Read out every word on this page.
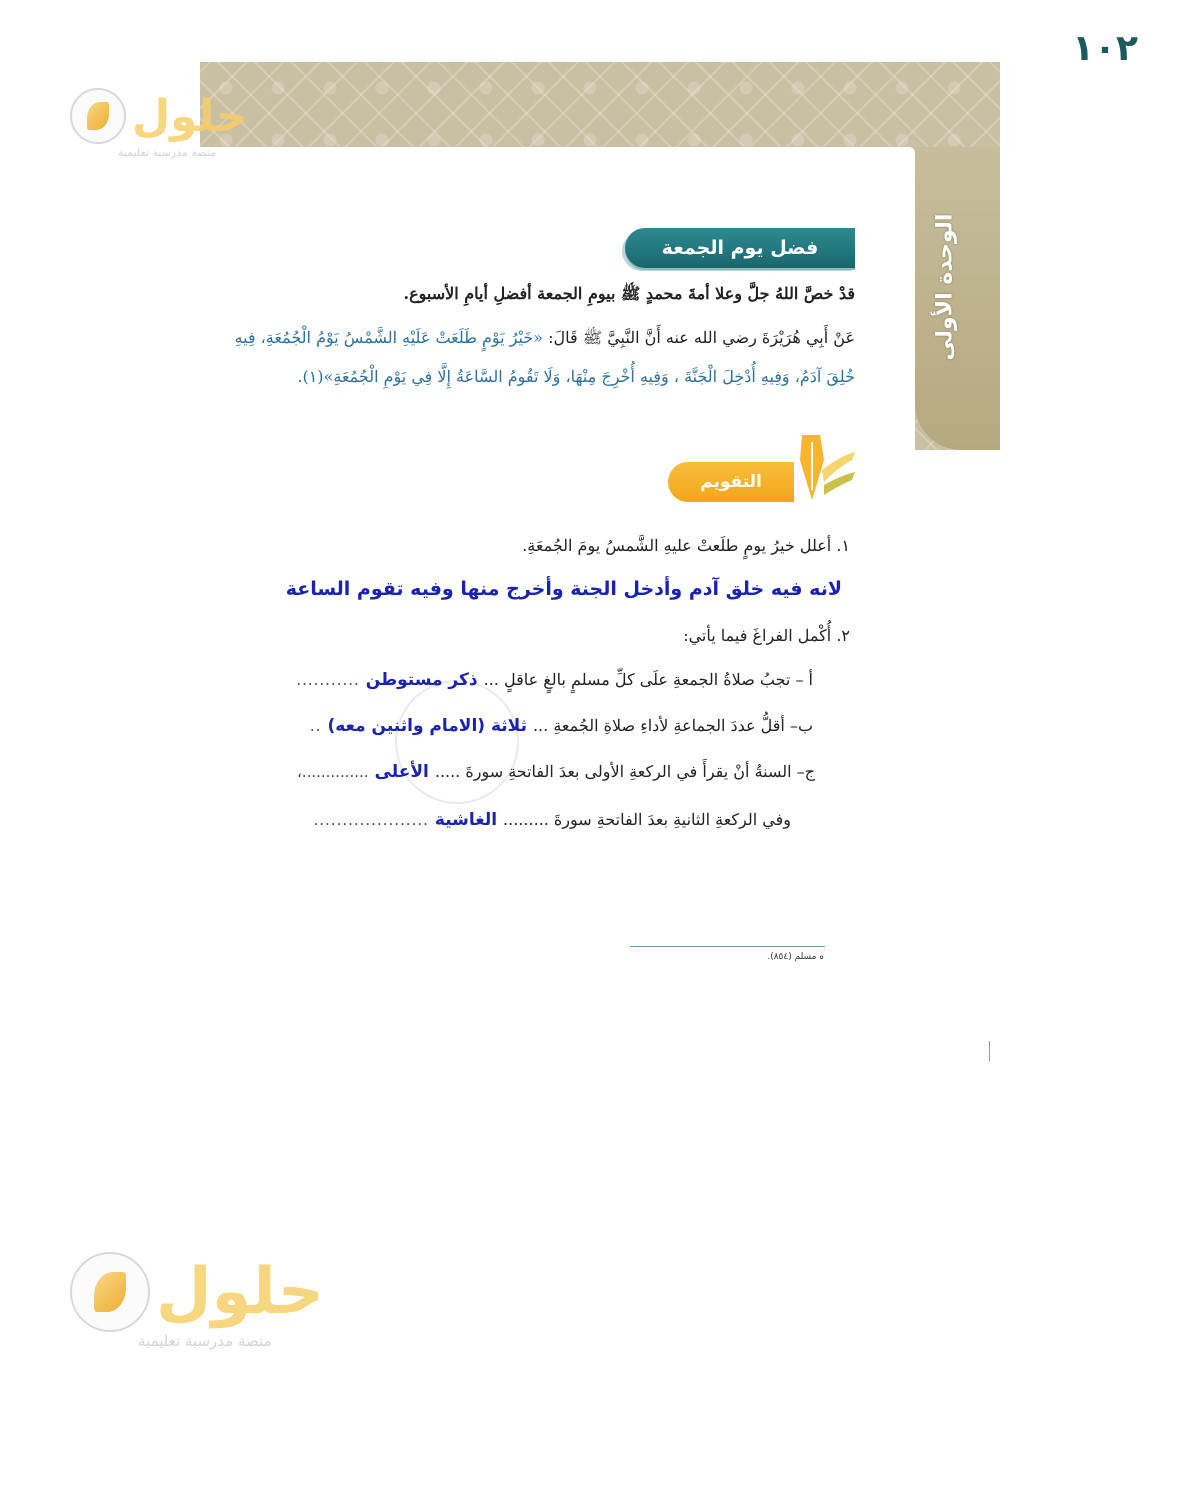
الوحدة الأولى
١٠٢
حلول
منصة مدرسية تعليمية
حلول
منصة مدرسية تعليمية
فضل يوم الجمعة
قدْ خصَّ اللهُ جلَّ وعلا أمةَ محمدٍ ﷺ بيومِ الجمعة أفضلِ أيامِ الأسبوع.
عَنْ أَبِي هُرَيْرَةَ رضي الله عنه أَنَّ النَّبِيَّ ﷺ قَالَ: «خَيْرُ يَوْمٍ طَلَعَتْ عَلَيْهِ الشَّمْسُ يَوْمُ الْجُمُعَةِ، فِيهِ
خُلِقَ آدَمُ، وَفِيهِ أُدْخِلَ الْجَنَّةَ ، وَفِيهِ أُخْرِجَ مِنْهَا، وَلَا تَقُومُ السَّاعَةُ إِلَّا فِي يَوْمِ الْجُمُعَةِ»(١).
التقويم
١. أعلل خيرُ يومٍ طلَعتْ عليهِ الشَّمسُ يومَ الجُمعَةِ.
لانه فيه خلق آدم وأدخل الجنة وأخرج منها وفيه تقوم الساعة
٢. أُكْمل الفراغَ فيما يأتي:
أ – تجبُ صلاةُ الجمعةِ علَى كلِّ مسلمٍ بالغٍ عاقلٍ ...
ذكر مستوطن
...........
ب– أقلُّ عددَ الجماعةِ لأداءِ صلاةِ الجُمعةِ ...
ثلاثة (الامام واثنين معه)
..
ج– السنةُ أنْ يقرأَ في الركعةِ الأولى بعدَ الفاتحةِ سورةَ .....
الأعلى
..............،
وفي الركعةِ الثانيةِ بعدَ الفاتحةِ سورةَ .........
الغاشية
....................
ه مسلم (٨٥٤).
